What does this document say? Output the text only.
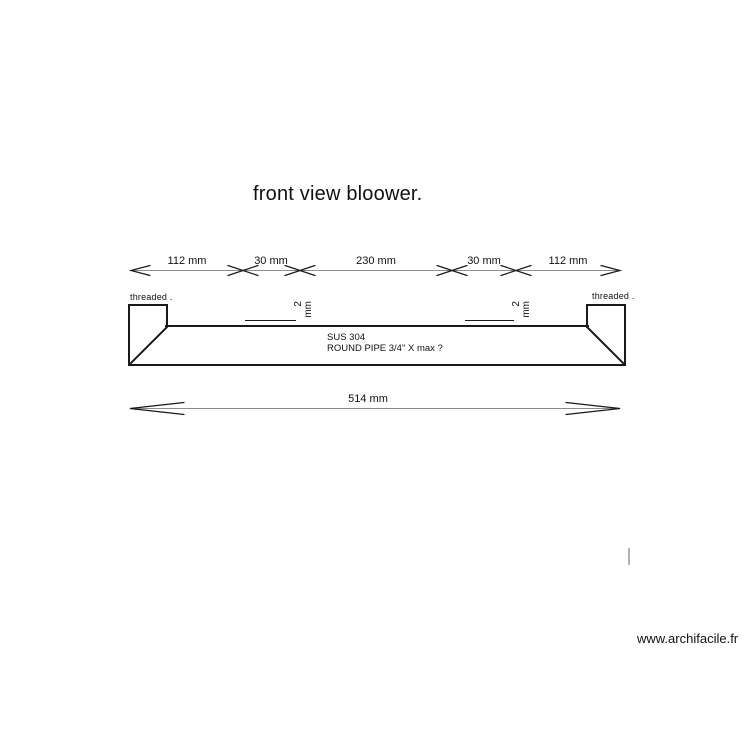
front view bloower.
112 mm	30 mm	230 mm	30 mm	112 mm
threaded .	threaded .
2 mm	2 mm
SUS 304
ROUND PIPE 3/4" X max ?
514 mm
www.archifacile.fr
